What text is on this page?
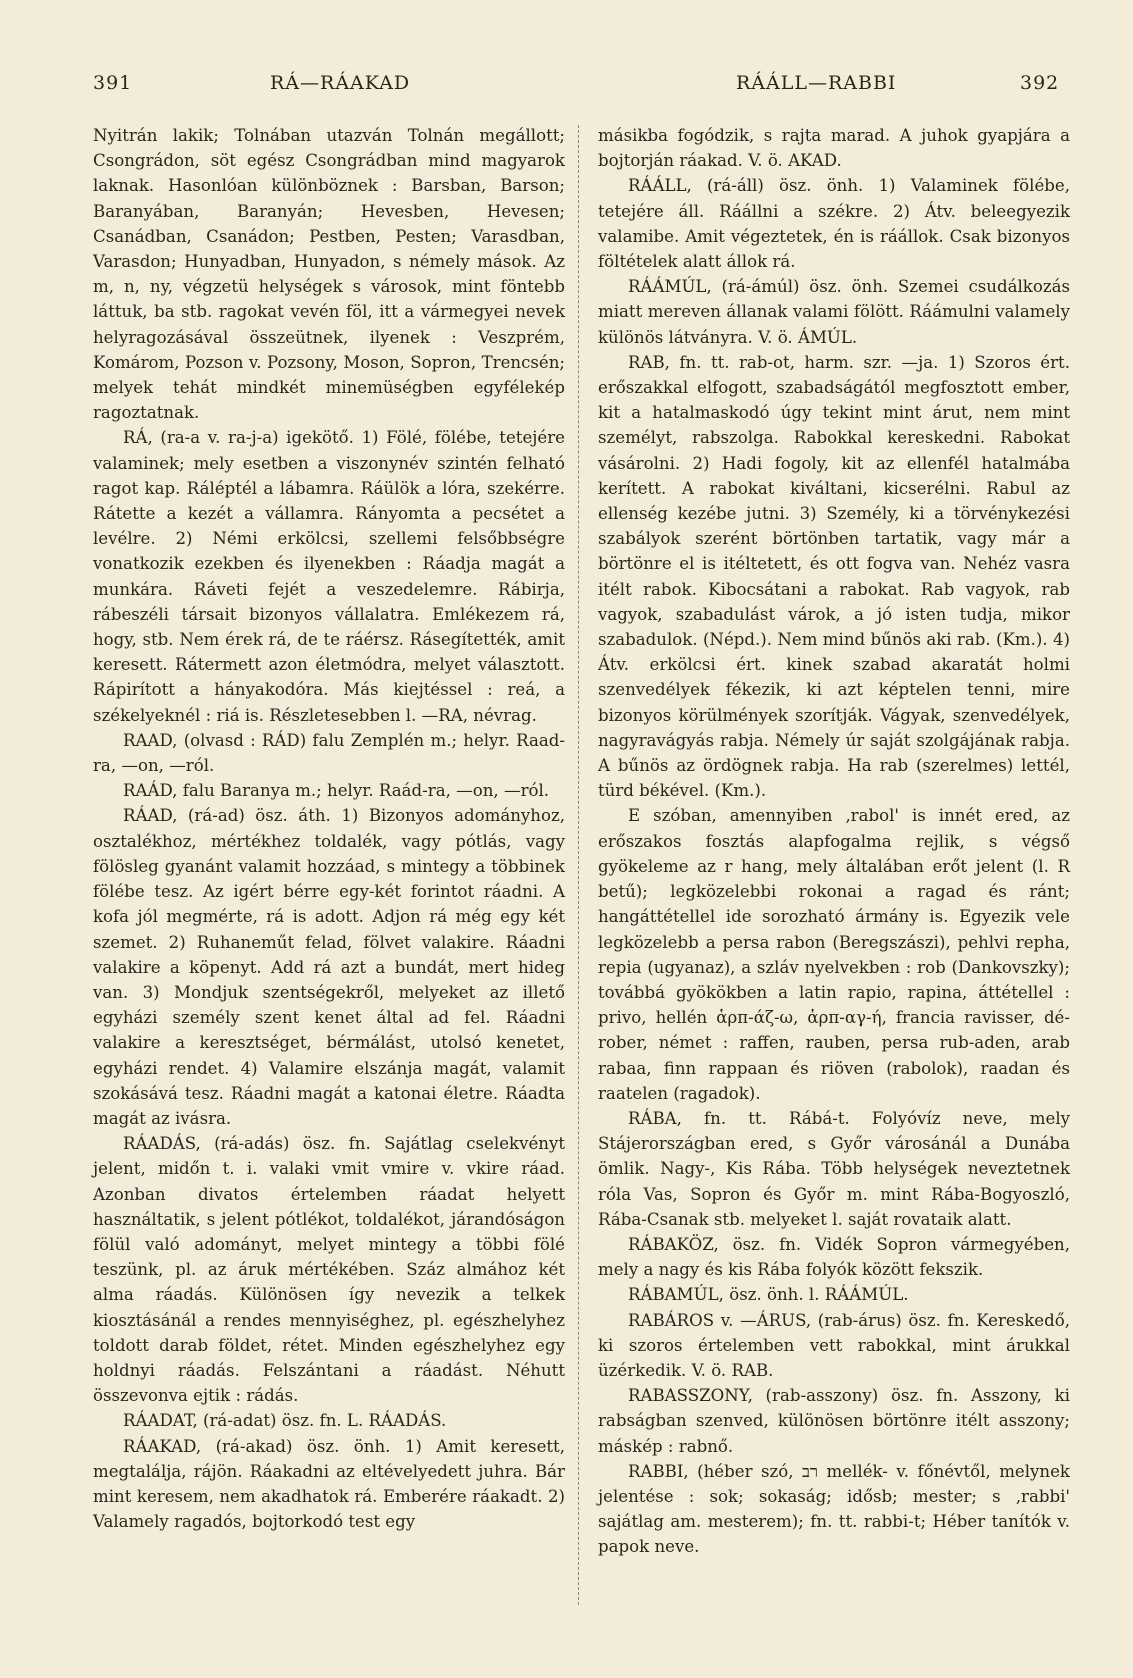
391	RÁ—RÁAKAD	RÁÁLL—RABBI	392

Nyitrán lakik; Tolnában utazván Tolnán megállott; Csongrádon, söt egész Csongrádban mind magyarok laknak. Hasonlóan különböznek : Barsban, Barson; Baranyában, Baranyán; Hevesben, Hevesen; Csanádban, Csanádon; Pestben, Pesten; Varasdban, Varasdon; Hunyadban, Hunyadon, s némely mások. Az m, n, ny, végzetü helységek s városok, mint föntebb láttuk, ba stb. ragokat vevén föl, itt a vármegyei nevek helyragozásával összeütnek, ilyenek : Veszprém, Komárom, Pozson v. Pozsony, Moson, Sopron, Trencsén; melyek tehát mindkét minemüségben egyfélekép ragoztatnak.

RÁ, (ra-a v. ra-j-a) igekötő. 1) Fölé, fölébe, tetejére valaminek; mely esetben a viszonynév szintén felható ragot kap. Ráléptél a lábamra. Ráülök a lóra, szekérre. Rátette a kezét a vállamra. Rányomta a pecsétet a levélre. 2) Némi erkölcsi, szellemi felsőbbségre vonatkozik ezekben és ilyenekben : Ráadja magát a munkára. Ráveti fejét a veszedelemre. Rábirja, rábeszéli társait bizonyos vállalatra. Emlékezem rá, hogy, stb. Nem érek rá, de te ráérsz. Rásegítették, amit keresett. Rátermett azon életmódra, melyet választott. Rápirított a hányakodóra. Más kiejtéssel : reá, a székelyeknél : riá is. Részletesebben l. —RA, névrag.

RAAD, (olvasd : RÁD) falu Zemplén m.; helyr. Raad-ra, —on, —ról.

RAÁD, falu Baranya m.; helyr. Raád-ra, —on, —ról.

RÁAD, (rá-ad) ösz. áth. 1) Bizonyos adományhoz, osztalékhoz, mértékhez toldalék, vagy pótlás, vagy fölösleg gyanánt valamit hozzáad, s mintegy a többinek fölébe tesz. Az igért bérre egy-két forintot ráadni. A kofa jól megmérte, rá is adott. Adjon rá még egy két szemet. 2) Ruhaneműt felad, fölvet valakire. Ráadni valakire a köpenyt. Add rá azt a bundát, mert hideg van. 3) Mondjuk szentségekről, melyeket az illető egyházi személy szent kenet által ad fel. Ráadni valakire a keresztséget, bérmálást, utolsó kenetet, egyházi rendet. 4) Valamire elszánja magát, valamit szokásává tesz. Ráadni magát a katonai életre. Ráadta magát az ivásra.

RÁADÁS, (rá-adás) ösz. fn. Sajátlag cselekvényt jelent, midőn t. i. valaki vmit vmire v. vkire ráad. Azonban divatos értelemben ráadat helyett használtatik, s jelent pótlékot, toldalékot, járandóságon fölül való adományt, melyet mintegy a többi fölé teszünk, pl. az áruk mértékében. Száz almához két alma ráadás. Különösen így nevezik a telkek kiosztásánál a rendes mennyiséghez, pl. egészhelyhez toldott darab földet, rétet. Minden egészhelyhez egy holdnyi ráadás. Felszántani a ráadást. Néhutt összevonva ejtik : rádás.

RÁADAT, (rá-adat) ösz. fn. L. RÁADÁS.

RÁAKAD, (rá-akad) ösz. önh. 1) Amit keresett, megtalálja, rájön. Ráakadni az eltévelyedett juhra. Bár mint keresem, nem akadhatok rá. Emberére ráakadt. 2) Valamely ragadós, bojtorkodó test egy

másikba fogódzik, s rajta marad. A juhok gyapjára a bojtorján ráakad. V. ö. AKAD.

RÁÁLL, (rá-áll) ösz. önh. 1) Valaminek fölébe, tetejére áll. Ráállni a székre. 2) Átv. beleegyezik valamibe. Amit végeztetek, én is ráállok. Csak bizonyos föltételek alatt állok rá.

RÁÁMÚL, (rá-ámúl) ösz. önh. Szemei csudálkozás miatt mereven állanak valami fölött. Ráámulni valamely különös látványra. V. ö. ÁMÚL.

RAB, fn. tt. rab-ot, harm. szr. —ja. 1) Szoros ért. erőszakkal elfogott, szabadságától megfosztott ember, kit a hatalmaskodó úgy tekint mint árut, nem mint személyt, rabszolga. Rabokkal kereskedni. Rabokat vásárolni. 2) Hadi fogoly, kit az ellenfél hatalmába kerített. A rabokat kiváltani, kicserélni. Rabul az ellenség kezébe jutni. 3) Személy, ki a törvénykezési szabályok szerént börtönben tartatik, vagy már a börtönre el is itéltetett, és ott fogva van. Nehéz vasra itélt rabok. Kibocsátani a rabokat. Rab vagyok, rab vagyok, szabadulást várok, a jó isten tudja, mikor szabadulok. (Népd.). Nem mind bűnös aki rab. (Km.). 4) Átv. erkölcsi ért. kinek szabad akaratát holmi szenvedélyek fékezik, ki azt képtelen tenni, mire bizonyos körülmények szorítják. Vágyak, szenvedélyek, nagyravágyás rabja. Némely úr saját szolgájának rabja. A bűnös az ördögnek rabja. Ha rab (szerelmes) lettél, türd békével. (Km.).

E szóban, amennyiben ‚rabol' is innét ered, az erőszakos fosztás alapfogalma rejlik, s végső gyökeleme az r hang, mely általában erőt jelent (l. R betű); legközelebbi rokonai a ragad és ránt; hangáttétellel ide sorozható ármány is. Egyezik vele legközelebb a persa rabon (Beregszászi), pehlvi repha, repia (ugyanaz), a szláv nyelvekben : rob (Dankovszky); továbbá gyökökben a latin rapio, rapina, áttétellel : privo, hellén ἁρπ-άζ-ω, ἁρπ-αγ-ή, francia ravisser, dé-rober, német : raffen, rauben, persa rub-aden, arab rabaa, finn rappaan és riöven (rabolok), raadan és raatelen (ragadok).

RÁBA, fn. tt. Rábá-t. Folyóvíz neve, mely Stájerországban ered, s Győr városánál a Dunába ömlik. Nagy-, Kis Rába. Több helységek neveztetnek róla Vas, Sopron és Győr m. mint Rába-Bogyoszló, Rába-Csanak stb. melyeket l. saját rovataik alatt.

RÁBAKÖZ, ösz. fn. Vidék Sopron vármegyében, mely a nagy és kis Rába folyók között fekszik.

RÁBAMÚL, ösz. önh. l. RÁÁMÚL.

RABÁROS v. —ÁRUS, (rab-árus) ösz. fn. Kereskedő, ki szoros értelemben vett rabokkal, mint árukkal üzérkedik. V. ö. RAB.

RABASSZONY, (rab-asszony) ösz. fn. Asszony, ki rabságban szenved, különösen börtönre itélt asszony; máskép : rabnő.

RABBI, (héber szó, רב mellék- v. főnévtől, melynek jelentése : sok; sokaság; idősb; mester; s ‚rabbi' sajátlag am. mesterem); fn. tt. rabbi-t; Héber tanítók v. papok neve.
